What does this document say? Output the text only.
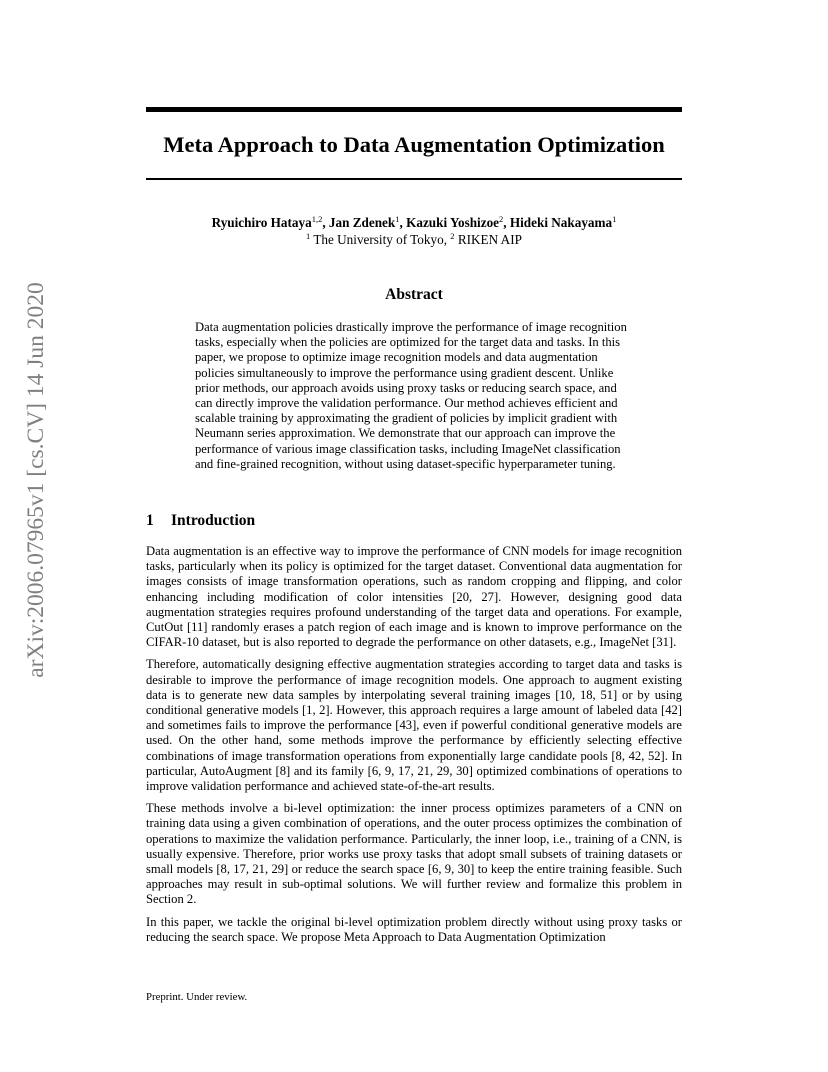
arXiv:2006.07965v1 [cs.CV] 14 Jun 2020
Meta Approach to Data Augmentation Optimization
Ryuichiro Hataya$^{1,2}$, Jan Zdenek$^1$, Kazuki Yoshizoe$^2$, Hideki Nakayama$^1$
$^1$ The University of Tokyo, $^2$ RIKEN AIP
Abstract
Data augmentation policies drastically improve the performance of image recognition tasks, especially when the policies are optimized for the target data and tasks. In this paper, we propose to optimize image recognition models and data augmentation policies simultaneously to improve the performance using gradient descent. Unlike prior methods, our approach avoids using proxy tasks or reducing search space, and can directly improve the validation performance. Our method achieves efficient and scalable training by approximating the gradient of policies by implicit gradient with Neumann series approximation. We demonstrate that our approach can improve the performance of various image classification tasks, including ImageNet classification and fine-grained recognition, without using dataset-specific hyperparameter tuning.
1 Introduction

Data augmentation is an effective way to improve the performance of CNN models for image recognition tasks, particularly when its policy is optimized for the target dataset. Conventional data augmentation for images consists of image transformation operations, such as random cropping and flipping, and color enhancing including modification of color intensities [20, 27]. However, designing good data augmentation strategies requires profound understanding of the target data and operations. For example, CutOut [11] randomly erases a patch region of each image and is known to improve performance on the CIFAR-10 dataset, but is also reported to degrade the performance on other datasets, e.g., ImageNet [31].

Therefore, automatically designing effective augmentation strategies according to target data and tasks is desirable to improve the performance of image recognition models. One approach to augment existing data is to generate new data samples by interpolating several training images [10, 18, 51] or by using conditional generative models [1, 2]. However, this approach requires a large amount of labeled data [42] and sometimes fails to improve the performance [43], even if powerful conditional generative models are used. On the other hand, some methods improve the performance by efficiently selecting effective combinations of image transformation operations from exponentially large candidate pools [8, 42, 52]. In particular, AutoAugment [8] and its family [6, 9, 17, 21, 29, 30] optimized combinations of operations to improve validation performance and achieved state-of-the-art results.

These methods involve a bi-level optimization: the inner process optimizes parameters of a CNN on training data using a given combination of operations, and the outer process optimizes the combination of operations to maximize the validation performance. Particularly, the inner loop, i.e., training of a CNN, is usually expensive. Therefore, prior works use proxy tasks that adopt small subsets of training datasets or small models [8, 17, 21, 29] or reduce the search space [6, 9, 30] to keep the entire training feasible. Such approaches may result in sub-optimal solutions. We will further review and formalize this problem in Section 2.

In this paper, we tackle the original bi-level optimization problem directly without using proxy tasks or reducing the search space. We propose Meta Approach to Data Augmentation Optimization

Preprint. Under review.
